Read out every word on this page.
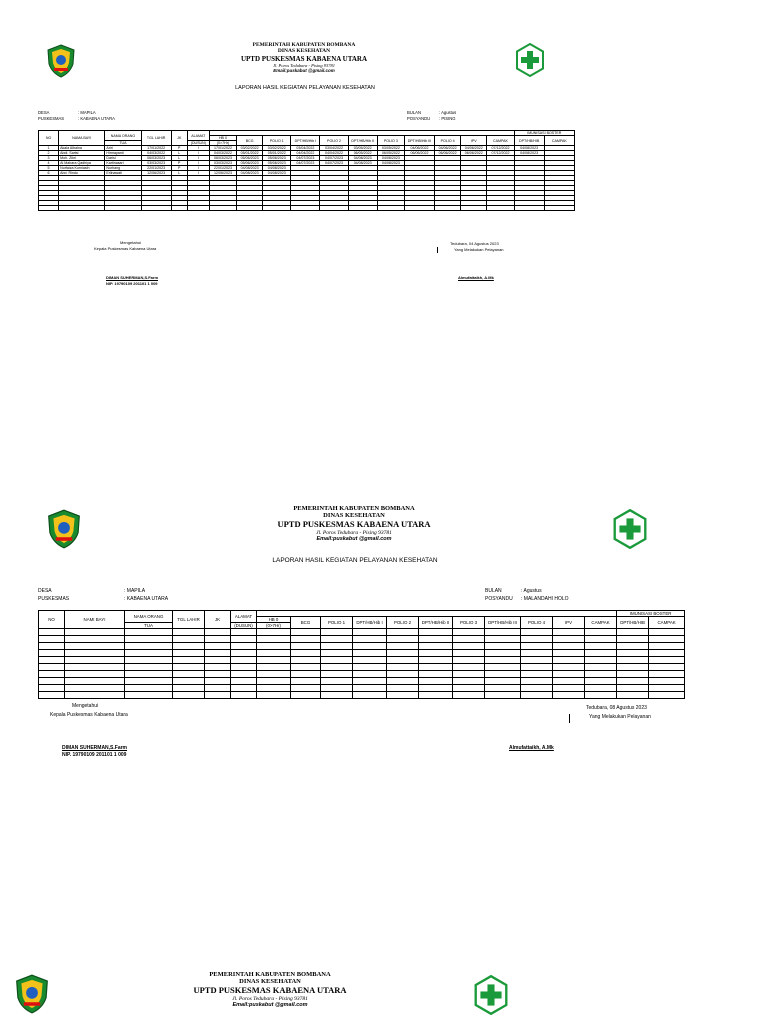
PEMERINTAH KABUPATEN BOMBANA
DINAS KESEHATAN
UPTD PUSKESMAS KABAENA UTARA
Jl. Poros Tedubara - Pising 93781
Email:puskabut @gmail.com
LAPORAN HASIL KEGIATAN PELAYANAN KESEHATAN
DESA	: MAPILA
PUSKESMAS	: KABAENA UTARA
BULAN	: Agustus
POSYANDU	: PISING
NO	NAMA BAYI	NAMA ORANG	TGL LAHIR	JK	ALAMAT												IMUNISASI BOSTER	
						HB 0	BCG	POLIO 1	DPT/HB/Hib I	POLIO 2	DPT/HB/Hib II	POLIO 3	DPT/HB/Hib III	POLIO 4	IPV	CAMPAK	DPT/HB/HIB	CAMPAK
		TUA			(DUSUN)	(0>7Hr)												
1	Akala Albalna	Ariri	17/01/2022	P	I	17/01/2022	03/02/2022	03/02/2022	03/04/2022	03/04/2022	03/05/2022	03/05/2022	04/06/2022	04/06/2022	04/06/2022	07/12/2022	04/08/2023	
2	Abdi. Sartsi	Hirmayanti	04/03/2022	L	I	04/03/2022	05/01/2022	05/01/2022	04/04/2022	04/04/2022	06/05/2022	06/05/2022	06/06/2022	06/06/2022	06/06/2022	07/12/2022	04/08/2023	
3	Moh. Zikri	Darisi	06/03/2023	L	I	06/03/2023	05/06/2023	05/06/2023	04/07/2023	04/07/2023	04/08/2023	04/08/2023						
4	Al Mahara Qadhiya	Kartinasari	03/03/2023	P	I	03/03/2023	05/06/2023	05/06/2023	04/07/2023	04/07/2023	04/08/2023	04/08/2023						
5	Nurfaiza Kurniasih	Nurhang	22/01/2023	P	I	22/01/2023	04/08/2023	04/08/2023										
6	Abd. Rindu	Erlinawati	12/06/2023	L	I	12/06/2023	04/08/2023	04/08/2023										

Mengetahui
Kepala Puskesmas Kabaena Utara
DIMAN SUHERMAN,S.Farm
NIP. 19790109 201101 1 009
Tedubara, 04 Agustus 2023
Yang Melakukan Pelayanan
Almufattaikh, A.Mk
PEMERINTAH KABUPATEN BOMBANA
DINAS KESEHATAN
UPTD PUSKESMAS KABAENA UTARA
Jl. Poros Tedubara - Pising 93781
Email:puskabut @gmail.com
LAPORAN HASIL KEGIATAN PELAYANAN KESEHATAN
DESA	: MAPILA
PUSKESMAS	: KABAENA UTARA
BULAN	: Agustus
POSYANDU	: MALANDAHI HOLO
NO	NAMI BAYI	NAMA ORANG	TGL LAHIR	JK	ALAMAT												IMUNISASI BOSTER	
						HB 0	BCG	POLIO 1	DPT/HB/Hib I	POLIO 2	DPT/HB/Hib II	POLIO 3	DPT/HB/Hib III	POLIO 4	IPV	CAMPAK	DPT/HB/HIB	CAMPAK
		TUA			(DUSUN)	(0>7Hr)												

Mengetahui
Kepala Puskesmas Kabaena Utara
DIMAN SUHERMAN,S.Farm
NIP. 19790109 201101 1 009
Tedubara, 08 Agustus 2023
Yang Melakukan Pelayanan
Almufattaikh, A.Mk
PEMERINTAH KABUPATEN BOMBANA
DINAS KESEHATAN
UPTD PUSKESMAS KABAENA UTARA
Jl. Poros Tedubara - Pising 93781
Email:puskabut @gmail.com
